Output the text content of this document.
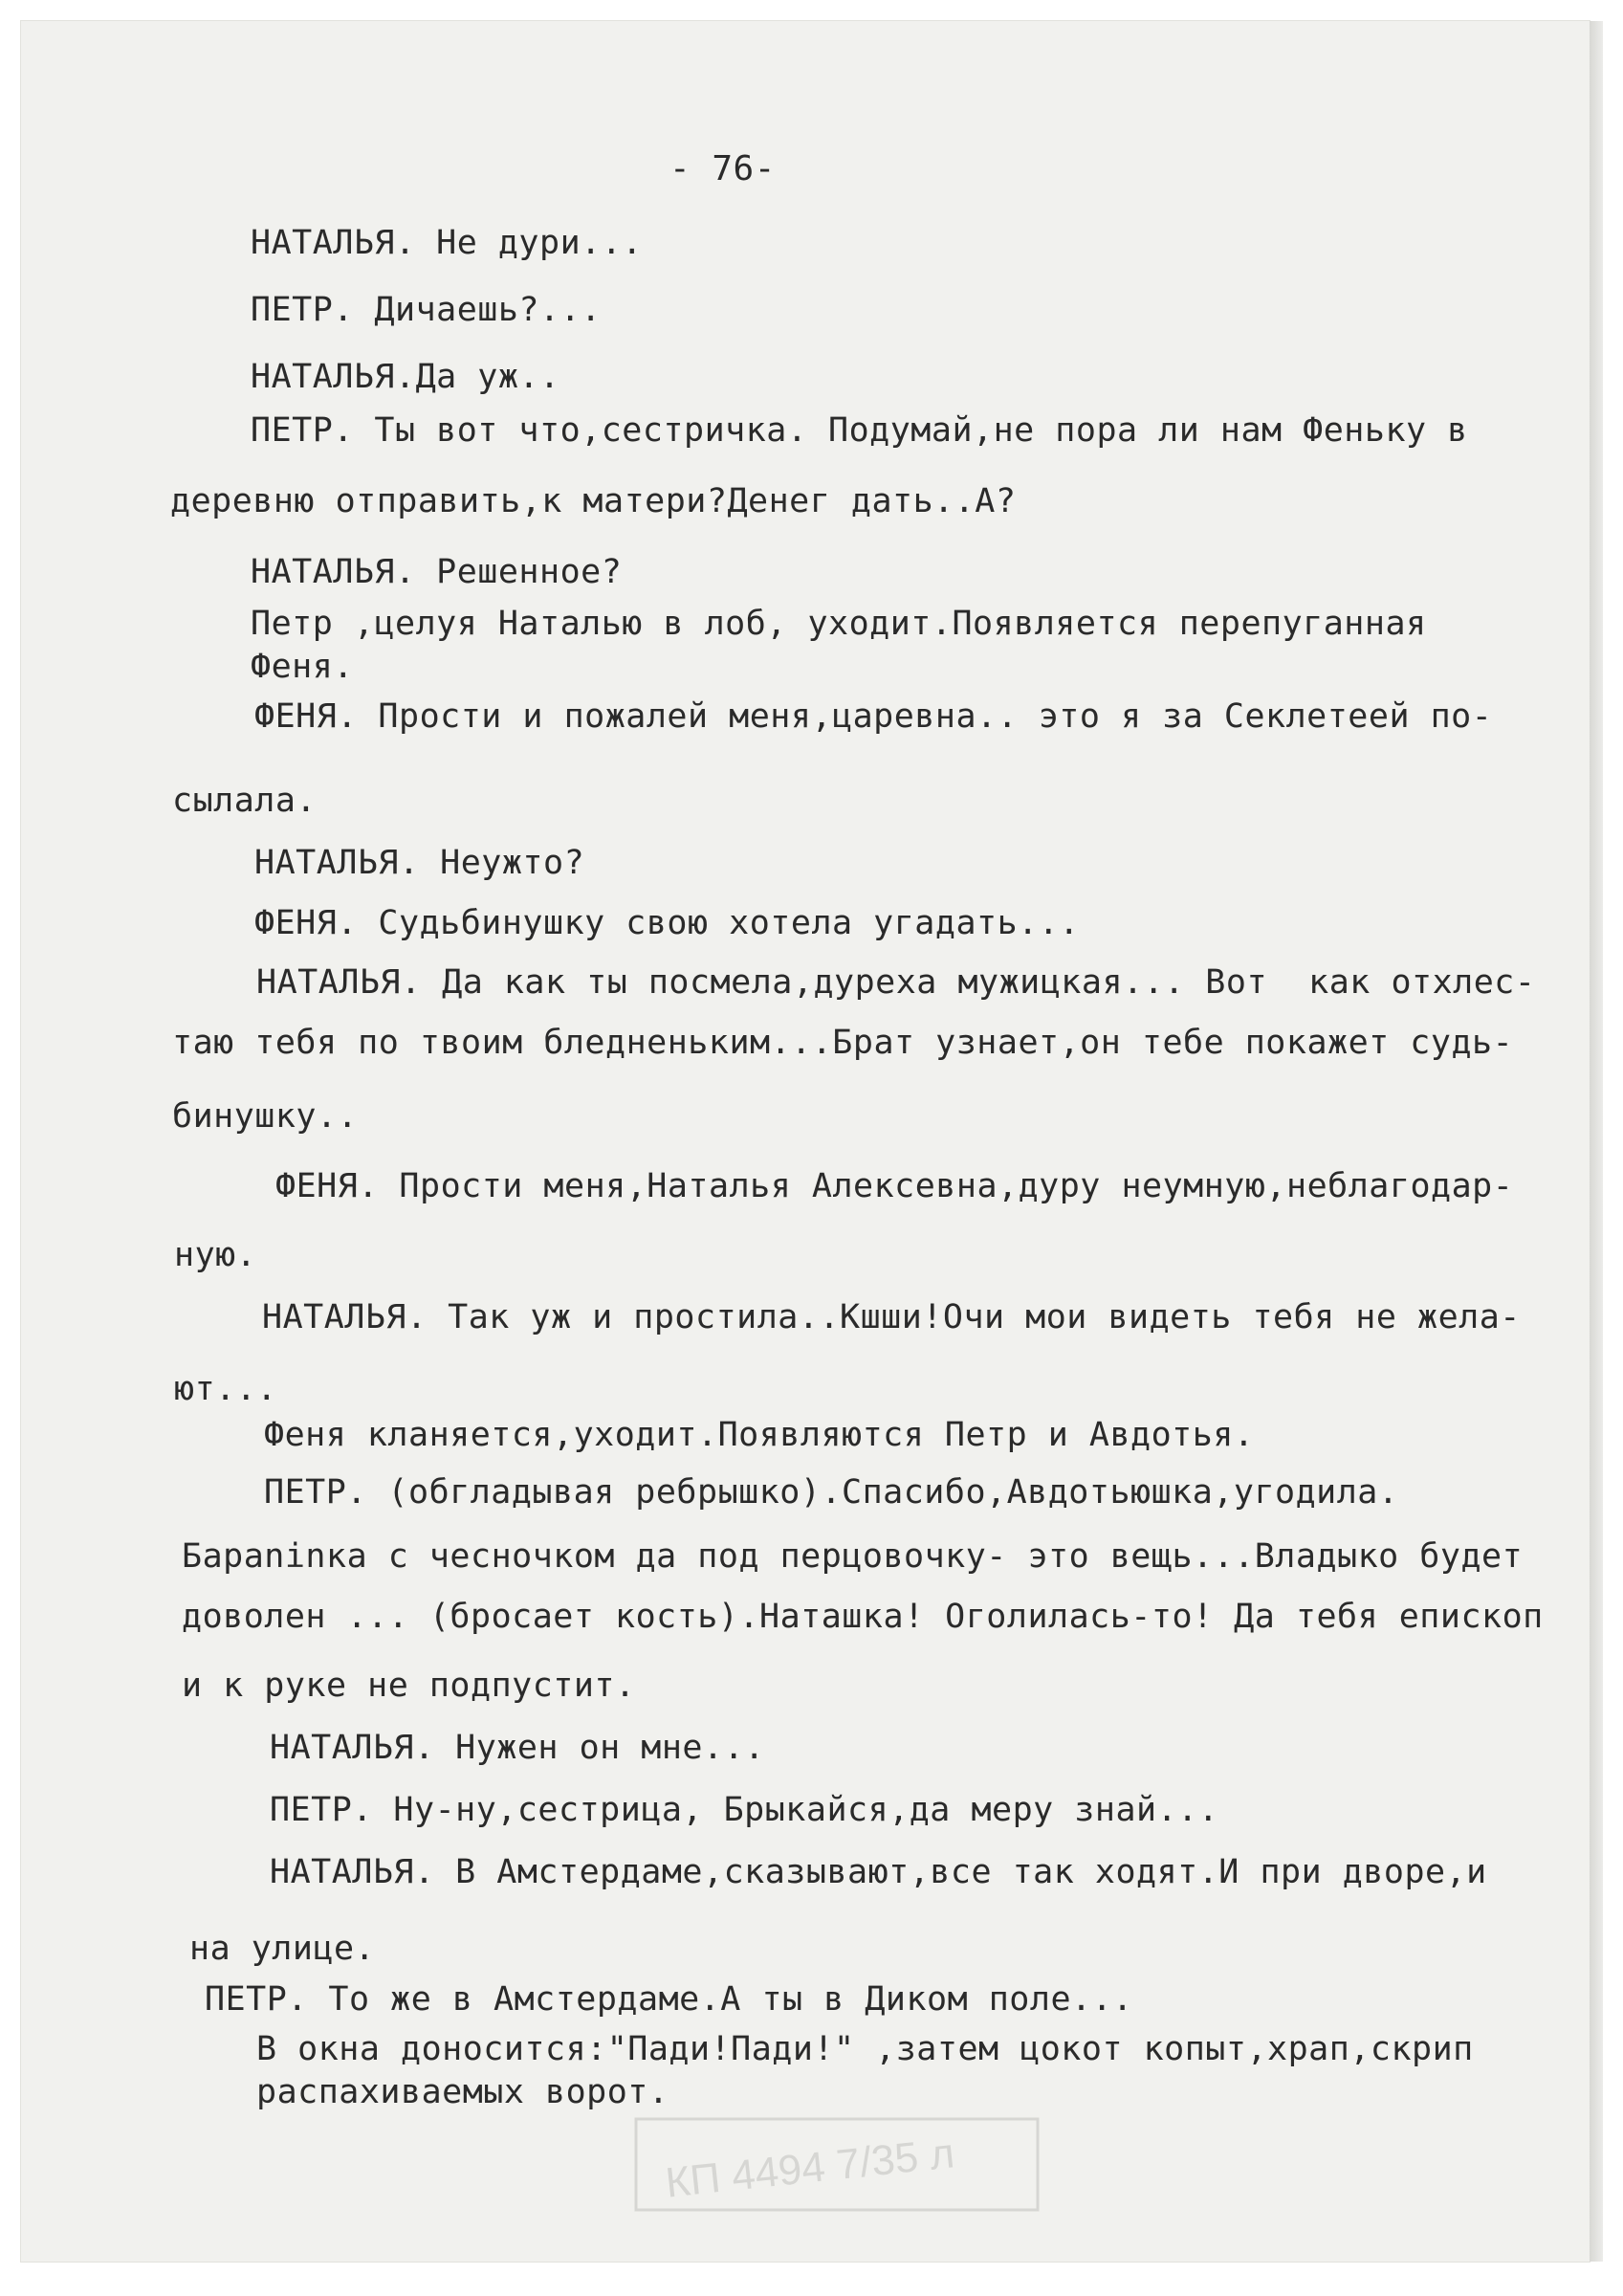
- 76-
НАТАЛЬЯ. Не дури...
ПЕТР. Дичаешь?...
НАТАЛЬЯ.Да уж..
ПЕТР. Ты вот что,сестричка. Подумай,не пора ли нам Феньку в
деревню отправить,к матери?Денег дать..А?
НАТАЛЬЯ. Решенное?
Петр ,целуя Наталью в лоб, уходит.Появляется перепуганная
Феня.
ФЕНЯ. Прости и пожалей меня,царевна.. это я за Секлетеей по-
сылала.
НАТАЛЬЯ. Неужто?
ФЕНЯ. Судьбинушку свою хотела угадать...
НАТАЛЬЯ. Да как ты посмела,дуреха мужицкая... Вот  как отхлес-
таю тебя по твоим бледненьким...Брат узнает,он тебе покажет судь-
бинушку..
ФЕНЯ. Прости меня,Наталья Алексевна,дуру неумную,неблагодар-
ную.
НАТАЛЬЯ. Так уж и простила..Кшши!Очи мои видеть тебя не жела-
ют...
Феня кланяется,уходит.Появляются Петр и Авдотья.
ПЕТР. (обгладывая ребрышко).Спасибо,Авдотьюшка,угодила.
Бараninка с чесночком да под перцовочку- это вещь...Владыко будет
доволен ... (бросает кость).Наташка! Оголилась-то! Да тебя епископ
и к руке не подпустит.
НАТАЛЬЯ. Нужен он мне...
ПЕТР. Ну-ну,сестрица, Брыкайся,да меру знай...
НАТАЛЬЯ. В Амстердаме,сказывают,все так ходят.И при дворе,и
на улице.
ПЕТР. То же в Амстердаме.А ты в Диком поле...
В окна доносится:"Пади!Пади!" ,затем цокот копыт,храп,скрип
распахиваемых ворот.
КП 4494 7/35 л
